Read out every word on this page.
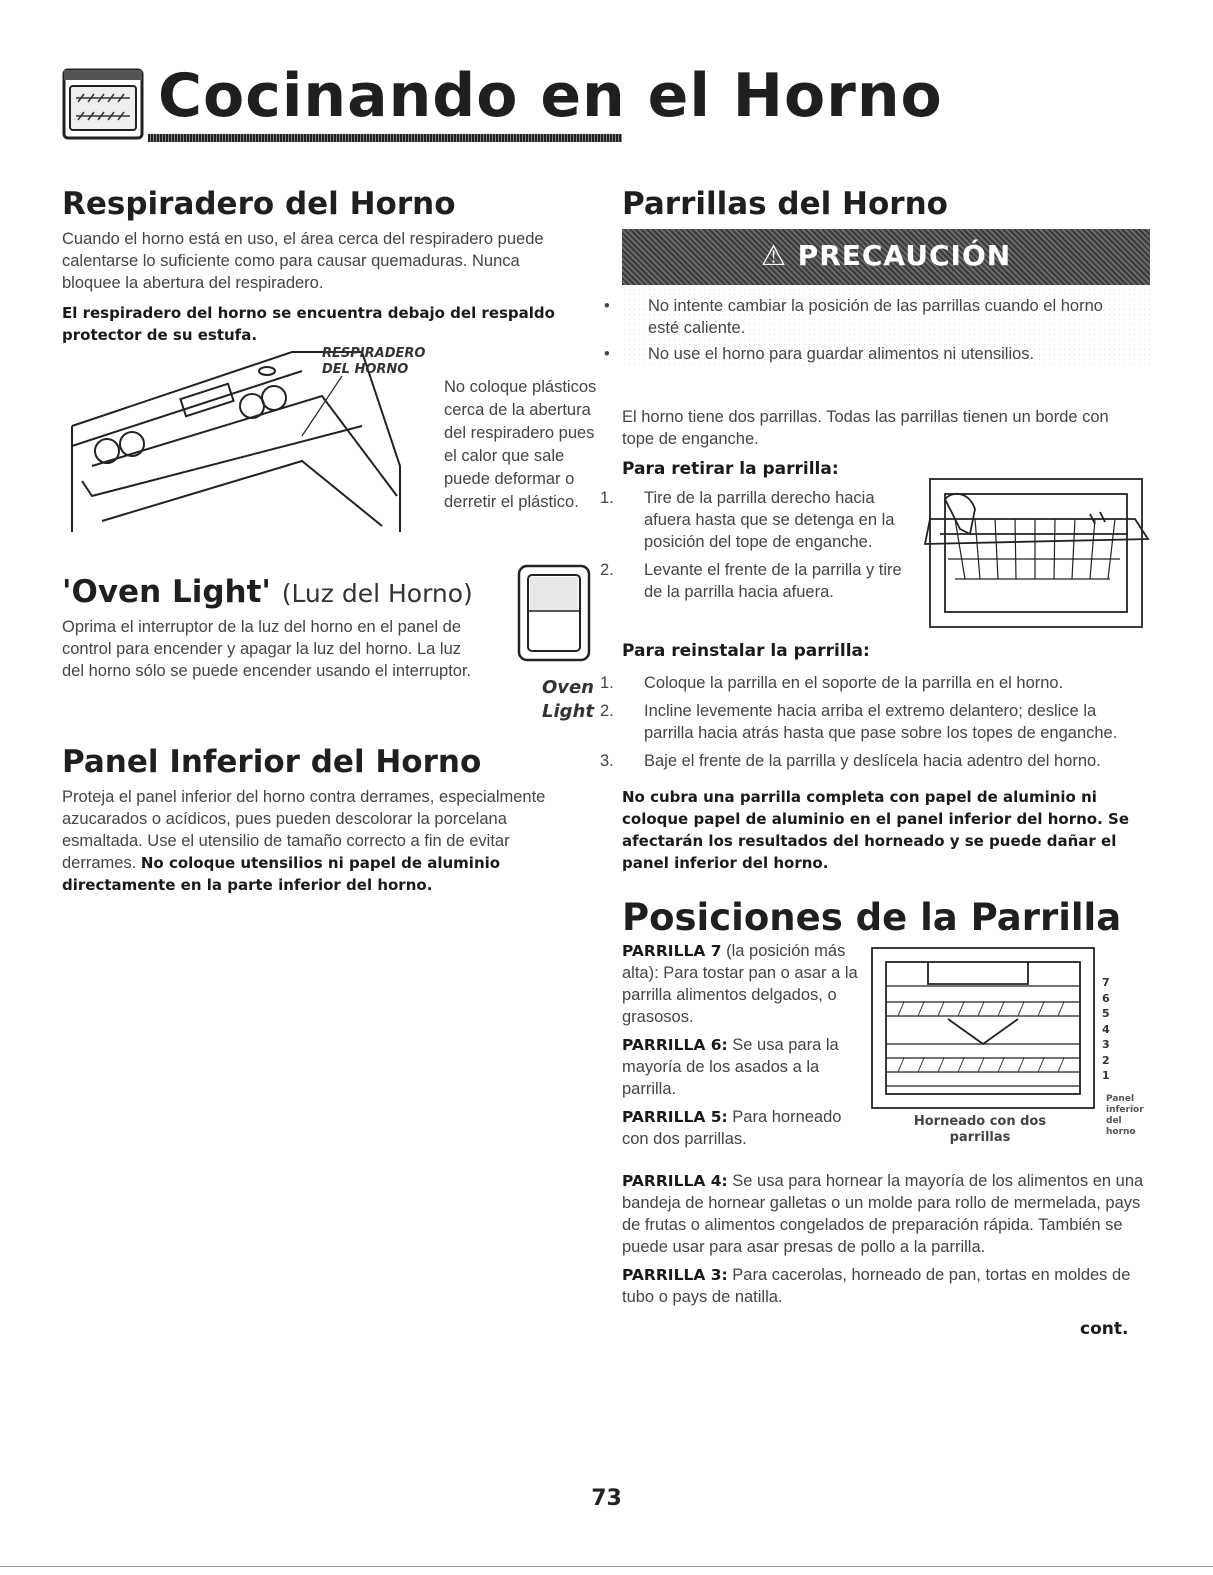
Cocinando en el Horno
Respiradero del Horno
Cuando el horno está en uso, el área cerca del respiradero puede calentarse lo suficiente como para causar quemaduras. Nunca bloquee la abertura del respiradero.
El respiradero del horno se encuentra debajo del respaldo protector de su estufa.
RESPIRADERO
DEL HORNO
No coloque plásticos
cerca de la abertura
del respiradero pues
el calor que sale
puede deformar o
derretir el plástico.
'Oven Light' (Luz del Horno)
Oprima el interruptor de la luz del horno en el panel de control para encender y apagar la luz del horno. La luz del horno sólo se puede encender usando el interruptor.
Oven
Light
Panel Inferior del Horno
Proteja el panel inferior del horno contra derrames, especialmente azucarados o acídicos, pues pueden descolorar la porcelana esmaltada. Use el utensilio de tamaño correcto a fin de evitar derrames. No coloque utensilios ni papel de aluminio directamente en la parte inferior del horno.
Parrillas del Horno
⚠ PRECAUCIÓN
• No intente cambiar la posición de las parrillas cuando el horno esté caliente.
• No use el horno para guardar alimentos ni utensilios.
El horno tiene dos parrillas. Todas las parrillas tienen un borde con tope de enganche.
Para retirar la parrilla:
1. Tire de la parrilla derecho hacia afuera hasta que se detenga en la posición del tope de enganche.
2. Levante el frente de la parrilla y tire de la parrilla hacia afuera.
Para reinstalar la parrilla:
1. Coloque la parrilla en el soporte de la parrilla en el horno.
2. Incline levemente hacia arriba el extremo delantero; deslice la parrilla hacia atrás hasta que pase sobre los topes de enganche.
3. Baje el frente de la parrilla y deslícela hacia adentro del horno.
No cubra una parrilla completa con papel de aluminio ni coloque papel de aluminio en el panel inferior del horno. Se afectarán los resultados del horneado y se puede dañar el panel inferior del horno.
Posiciones de la Parrilla
PARRILLA 7 (la posición más alta): Para tostar pan o asar a la parrilla alimentos delgados, o grasosos.
PARRILLA 6: Se usa para la mayoría de los asados a la parrilla.
PARRILLA 5: Para horneado con dos parrillas.
7
6
5
4
3
2
1
Panel
inferior
del
horno
Horneado con dos
parrillas
PARRILLA 4: Se usa para hornear la mayoría de los alimentos en una bandeja de hornear galletas o un molde para rollo de mermelada, pays de frutas o alimentos congelados de preparación rápida. También se puede usar para asar presas de pollo a la parrilla.
PARRILLA 3: Para cacerolas, horneado de pan, tortas en moldes de tubo o pays de natilla.
cont.
73
